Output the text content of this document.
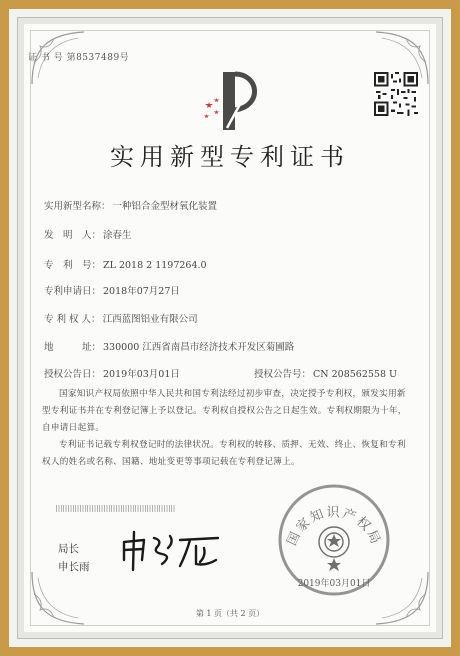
证 书 号 第8537489号
实用新型专利证书
实用新型名称： 一种铝合金型材氧化装置
发　明　人： 涂春生
专　利　号： ZL 2018 2 1197264.0
专利申请日： 2018年07月27日
专 利 权 人： 江西蓝图铝业有限公司
地　　　址： 330000 江西省南昌市经济技术开发区菊圃路
授权公告日： 2019年03月01日	授权公告号： CN 208562558 U
国家知识产权局依照中华人民共和国专利法经过初步审查，决定授予专利权，颁发实用新型专利证书并在专利登记簿上予以登记。专利权自授权公告之日起生效。专利权期限为十年，自申请日起算。
专利证书记载专利权登记时的法律状况。专利权的转移、质押、无效、终止、恢复和专利权人的姓名或名称、国籍、地址变更等事项记载在专利登记簿上。
局长
申长雨
国家知识产权局
2019年03月01日
第 1 页（共 2 页）
